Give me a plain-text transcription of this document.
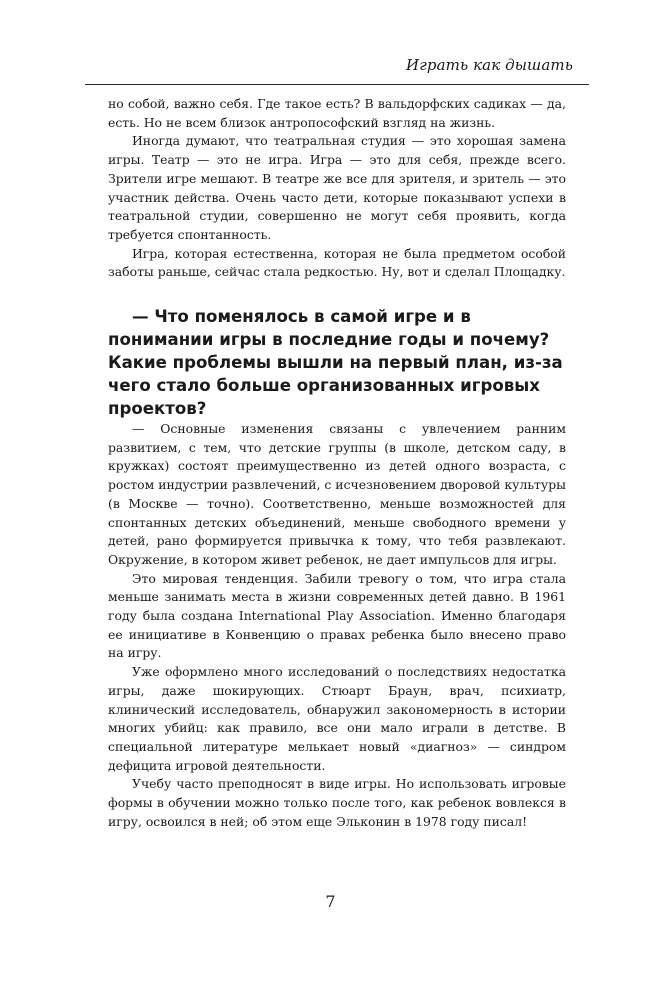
Играть как дышать

но собой, важно себя. Где такое есть? В вальдорфских садиках — да, есть. Но не всем близок антропософский взгляд на жизнь.

Иногда думают, что театральная студия — это хорошая замена игры. Театр — это не игра. Игра — это для себя, прежде всего. Зрители игре мешают. В театре же все для зрителя, и зритель — это участник действа. Очень часто дети, которые показывают успехи в театральной студии, совершенно не могут себя проявить, когда требуется спонтанность.

Игра, которая естественна, которая не была предметом особой заботы раньше, сейчас стала редкостью. Ну, вот и сделал Площадку.

— Что поменялось в самой игре и в понимании игры в последние годы и почему? Какие проблемы вышли на первый план, из-за чего стало больше организованных игровых проектов?

— Основные изменения связаны с увлечением ранним развитием, с тем, что детские группы (в школе, детском саду, в кружках) состоят преимущественно из детей одного возраста, с ростом индустрии развлечений, с исчезновением дворовой культуры (в Москве — точно). Соответственно, меньше возможностей для спонтанных детских объединений, меньше свободного времени у детей, рано формируется привычка к тому, что тебя развлекают. Окружение, в котором живет ребенок, не дает импульсов для игры.

Это мировая тенденция. Забили тревогу о том, что игра стала меньше занимать места в жизни современных детей давно. В 1961 году была создана International Play Association. Именно благодаря ее инициативе в Конвенцию о правах ребенка было внесено право на игру.

Уже оформлено много исследований о последствиях недостатка игры, даже шокирующих. Стюарт Браун, врач, психиатр, клинический исследователь, обнаружил закономерность в истории многих убийц: как правило, все они мало играли в детстве. В специальной литературе мелькает новый «диагноз» — синдром дефицита игровой деятельности.

Учебу часто преподносят в виде игры. Но использовать игровые формы в обучении можно только после того, как ребенок вовлекся в игру, освоился в ней; об этом еще Эльконин в 1978 году писал!

7
